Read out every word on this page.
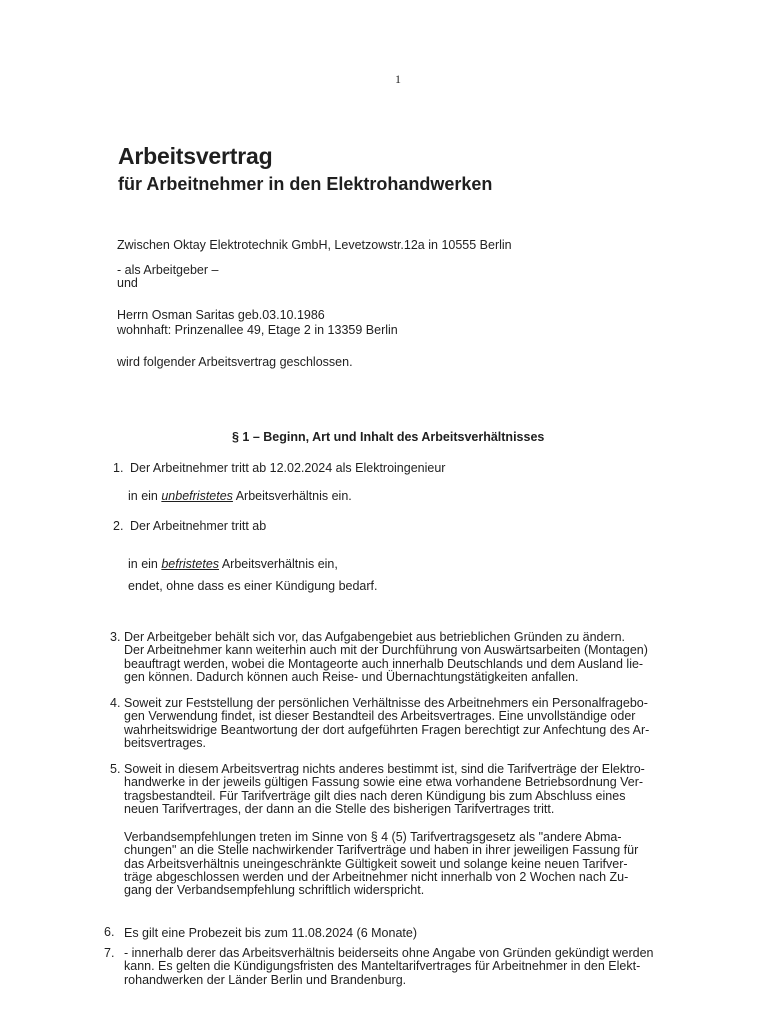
1
Arbeitsvertrag
für Arbeitnehmer in den Elektrohandwerken
Zwischen Oktay Elektrotechnik GmbH, Levetzowstr.12a in 10555 Berlin
- als Arbeitgeber –
und
Herrn Osman Saritas geb.03.10.1986
wohnhaft: Prinzenallee 49, Etage 2 in 13359 Berlin
wird folgender Arbeitsvertrag geschlossen.
§ 1 – Beginn, Art und Inhalt des Arbeitsverhältnisses
1. Der Arbeitnehmer tritt ab 12.02.2024 als Elektroingenieur
in ein unbefristetes Arbeitsverhältnis ein.
2. Der Arbeitnehmer tritt ab
in ein befristetes Arbeitsverhältnis ein,
endet, ohne dass es einer Kündigung bedarf.
3. Der Arbeitgeber behält sich vor, das Aufgabengebiet aus betrieblichen Gründen zu ändern.
Der Arbeitnehmer kann weiterhin auch mit der Durchführung von Auswärtsarbeiten (Montagen)
beauftragt werden, wobei die Montageorte auch innerhalb Deutschlands und dem Ausland lie-
gen können. Dadurch können auch Reise- und Übernachtungstätigkeiten anfallen.
4. Soweit zur Feststellung der persönlichen Verhältnisse des Arbeitnehmers ein Personalfragebo-
gen Verwendung findet, ist dieser Bestandteil des Arbeitsvertrages. Eine unvollständige oder
wahrheitswidrige Beantwortung der dort aufgeführten Fragen berechtigt zur Anfechtung des Ar-
beitsvertrages.
5. Soweit in diesem Arbeitsvertrag nichts anderes bestimmt ist, sind die Tarifverträge der Elektro-
handwerke in der jeweils gültigen Fassung sowie eine etwa vorhandene Betriebsordnung Ver-
tragsbestandteil. Für Tarifverträge gilt dies nach deren Kündigung bis zum Abschluss eines
neuen Tarifvertrages, der dann an die Stelle des bisherigen Tarifvertrages tritt.
Verbandsempfehlungen treten im Sinne von § 4 (5) Tarifvertragsgesetz als "andere Abma-
chungen" an die Stelle nachwirkender Tarifverträge und haben in ihrer jeweiligen Fassung für
das Arbeitsverhältnis uneingeschränkte Gültigkeit soweit und solange keine neuen Tarifver-
träge abgeschlossen werden und der Arbeitnehmer nicht innerhalb von 2 Wochen nach Zu-
gang der Verbandsempfehlung schriftlich widerspricht.
6. Es gilt eine Probezeit bis zum 11.08.2024 (6 Monate)
7. - innerhalb derer das Arbeitsverhältnis beiderseits ohne Angabe von Gründen gekündigt werden
kann. Es gelten die Kündigungsfristen des Manteltarifvertrages für Arbeitnehmer in den Elekt-
rohandwerken der Länder Berlin und Brandenburg.
